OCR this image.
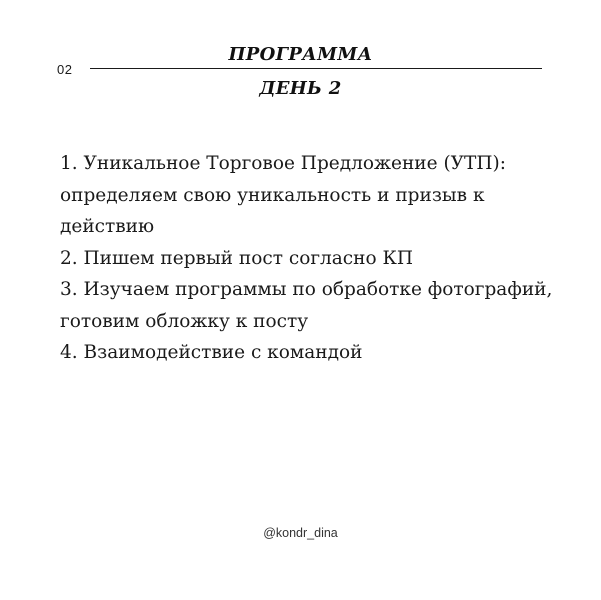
02
ПРОГРАММА
ДЕНЬ 2
1. Уникальное Торговое Предложение (УТП): определяем свою уникальность и призыв к действию
2. Пишем первый пост согласно КП
3. Изучаем программы по обработке фотографий, готовим обложку к посту
4. Взаимодействие с командой
@kondr_dina
